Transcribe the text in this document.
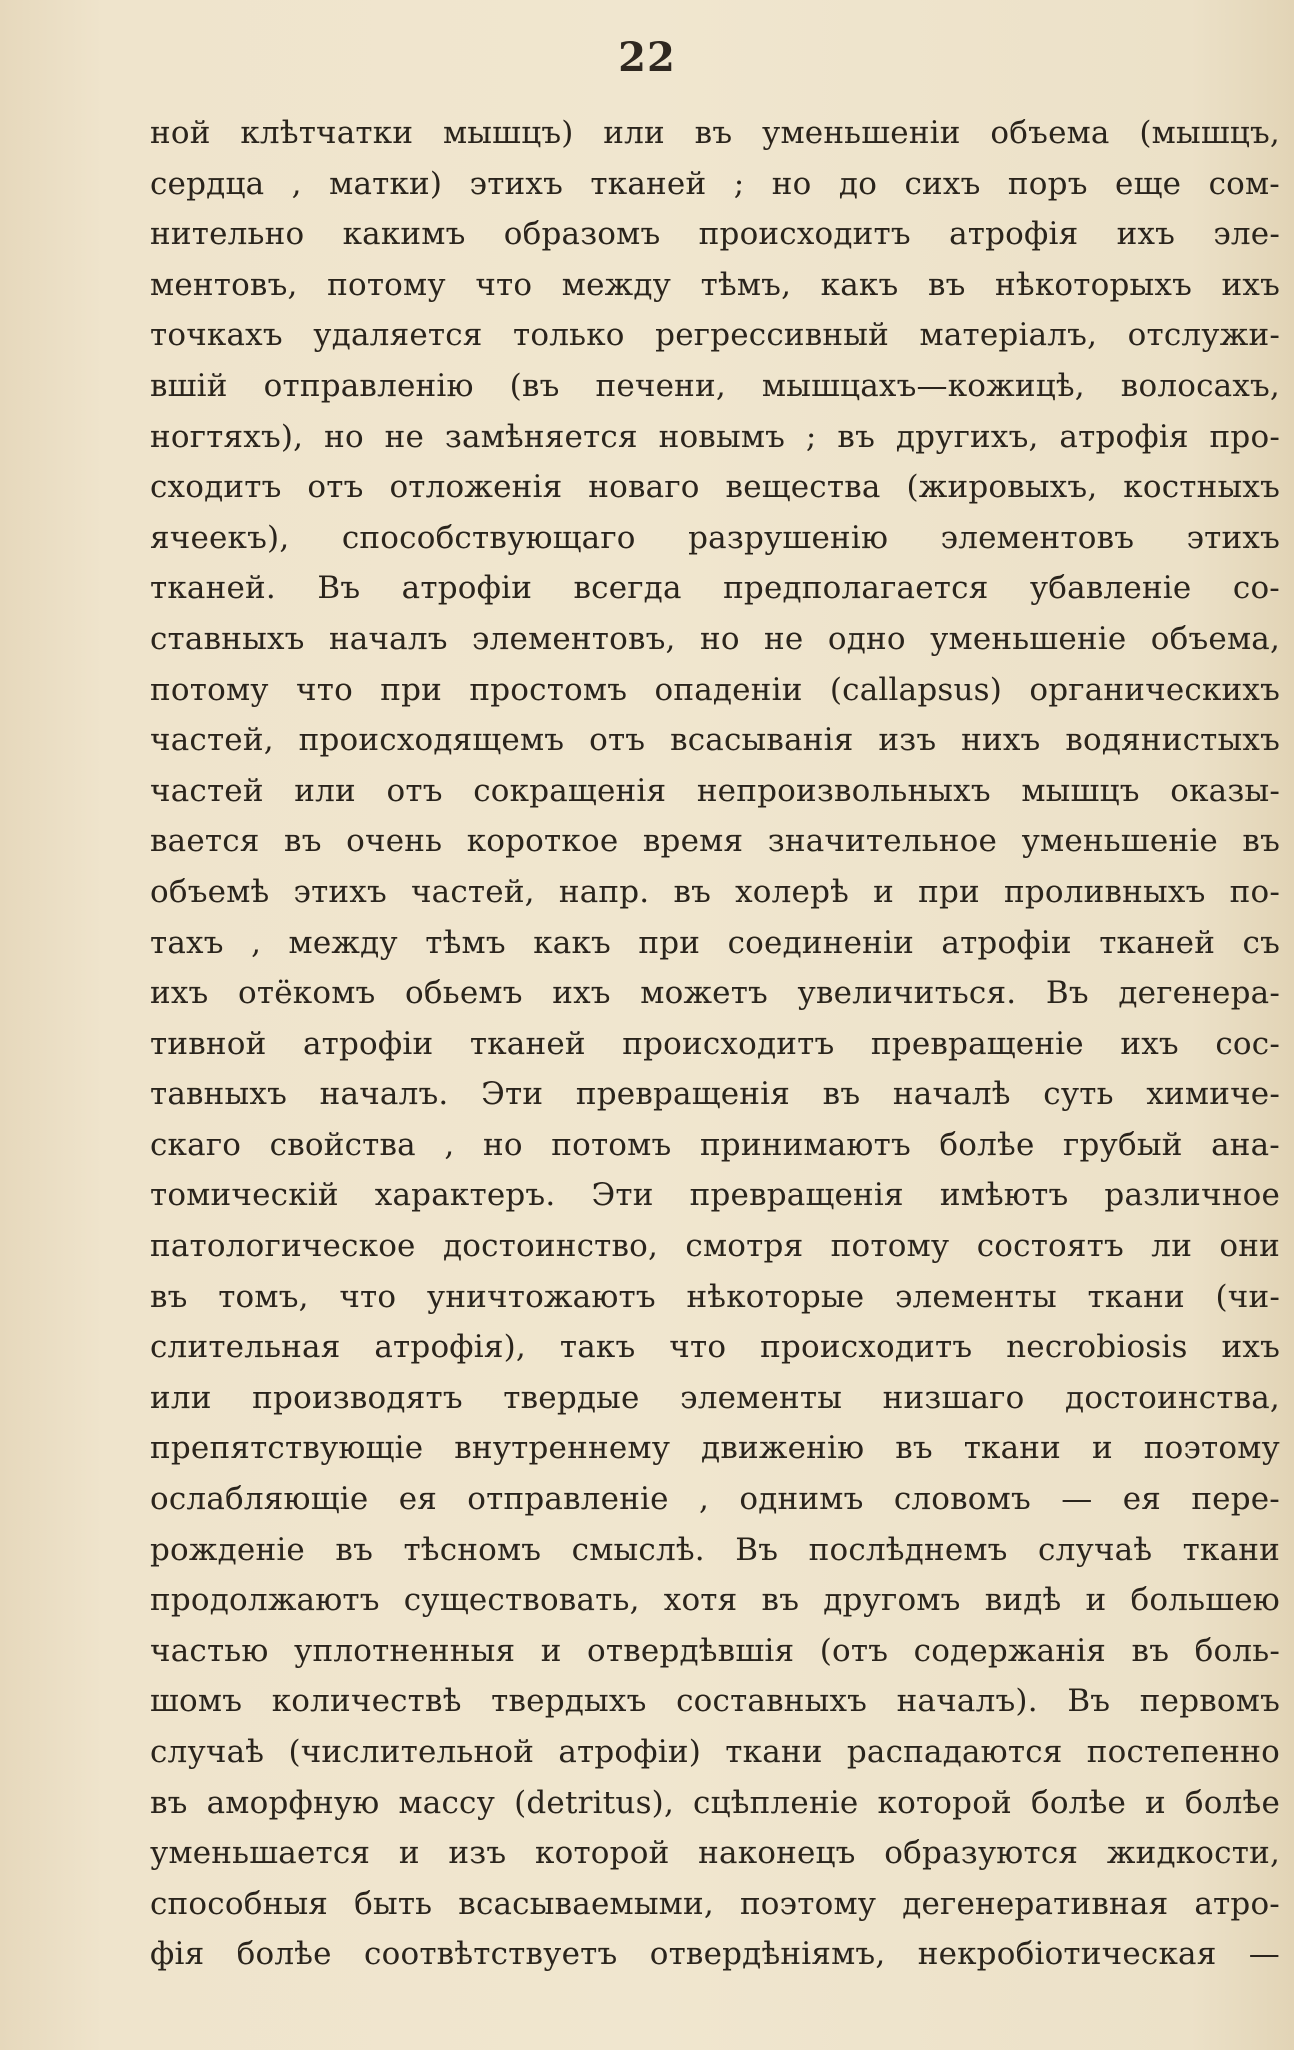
22
ной клѣтчатки мышцъ) или въ уменьшеніи объема (мышцъ,
сердца , матки) этихъ тканей ; но до сихъ поръ еще сом-
нительно какимъ образомъ происходитъ атрофія ихъ эле-
ментовъ, потому что между тѣмъ, какъ въ нѣкоторыхъ ихъ
точкахъ удаляется только регрессивный матеріалъ, отслужи-
вшій отправленію (въ печени, мышцахъ—кожицѣ, волосахъ,
ногтяхъ), но не замѣняется новымъ ; въ другихъ, атрофія про-
сходитъ отъ отложенія новаго вещества (жировыхъ, костныхъ
ячеекъ), способствующаго разрушенію элементовъ этихъ
тканей. Въ атрофіи всегда предполагается убавленіе со-
ставныхъ началъ элементовъ, но не одно уменьшеніе объема,
потому что при простомъ опаденіи (callapsus) органическихъ
частей, происходящемъ отъ всасыванія изъ нихъ водянистыхъ
частей или отъ сокращенія непроизвольныхъ мышцъ оказы-
вается въ очень короткое время значительное уменьшеніе въ
объемѣ этихъ частей, напр. въ холерѣ и при проливныхъ по-
тахъ , между тѣмъ какъ при соединеніи атрофіи тканей съ
ихъ отёкомъ обьемъ ихъ можетъ увеличиться. Въ дегенера-
тивной атрофіи тканей происходитъ превращеніе ихъ сос-
тавныхъ началъ. Эти превращенія въ началѣ суть химиче-
скаго свойства , но потомъ принимаютъ болѣе грубый ана-
томическій характеръ. Эти превращенія имѣютъ различное
патологическое достоинство, смотря потому состоятъ ли они
въ томъ, что уничтожаютъ нѣкоторые элементы ткани (чи-
слительная атрофія), такъ что происходитъ necrobiosis ихъ
или производятъ твердые элементы низшаго достоинства,
препятствующіе внутреннему движенію въ ткани и поэтому
ослабляющіе ея отправленіе , однимъ словомъ — ея пере-
рожденіе въ тѣсномъ смыслѣ. Въ послѣднемъ случаѣ ткани
продолжаютъ существовать, хотя въ другомъ видѣ и большею
частью уплотненныя и отвердѣвшія (отъ содержанія въ боль-
шомъ количествѣ твердыхъ составныхъ началъ). Въ первомъ
случаѣ (числительной атрофіи) ткани распадаются постепенно
въ аморфную массу (detritus), сцѣпленіе которой болѣе и болѣе
уменьшается и изъ которой наконецъ образуются жидкости,
способныя быть всасываемыми, поэтому дегенеративная атро-
фія болѣе соотвѣтствуетъ отвердѣніямъ, некробіотическая —
